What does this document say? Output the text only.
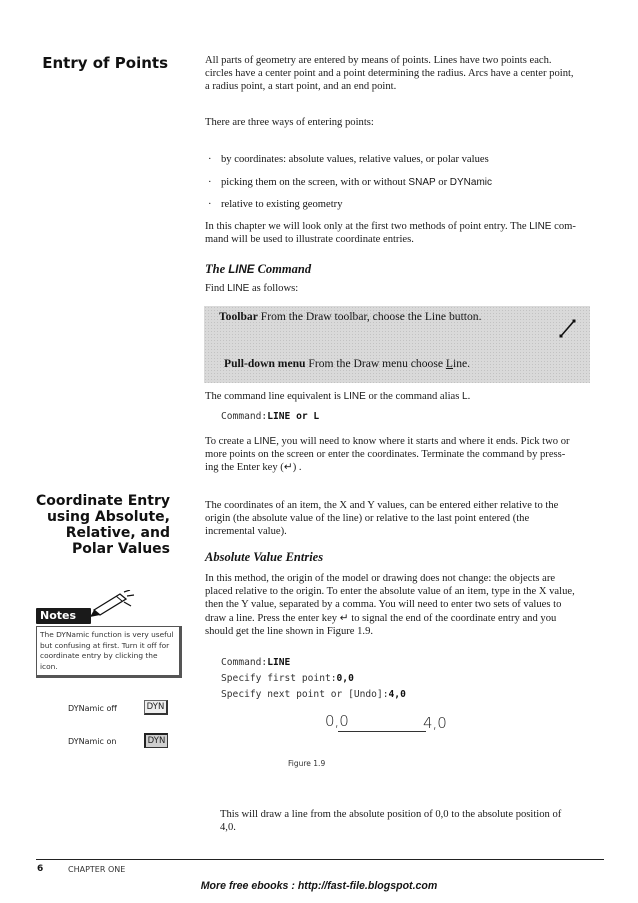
Entry of Points
Coordinate Entry
using Absolute,
Relative, and
Polar Values
All parts of geometry are entered by means of points. Lines have two points each.
circles have a center point and a point determining the radius. Arcs have a center point,
a radius point, a start point, and an end point.
There are three ways of entering points:
· by coordinates: absolute values, relative values, or polar values
· picking them on the screen, with or without SNAP or DYNamic
· relative to existing geometry
In this chapter we will look only at the first two methods of point entry. The LINE com-
mand will be used to illustrate coordinate entries.
The LINE Command
Find LINE as follows:
Toolbar From the Draw toolbar, choose the Line button.
Pull-down menu From the Draw menu choose Line.
The command line equivalent is LINE or the command alias L.
Command:LINE or L
To create a LINE, you will need to know where it starts and where it ends. Pick two or
more points on the screen or enter the coordinates. Terminate the command by press-
ing the Enter key (↵) .
The coordinates of an item, the X and Y values, can be entered either relative to the
origin (the absolute value of the line) or relative to the last point entered (the
incremental value).
Absolute Value Entries
In this method, the origin of the model or drawing does not change: the objects are
placed relative to the origin. To enter the absolute value of an item, type in the X value,
then the Y value, separated by a comma. You will need to enter two sets of values to
draw a line. Press the enter key ↵ to signal the end of the coordinate entry and you
should get the line shown in Figure 1.9.
Command:LINE
Specify first point:0,0
Specify next point or [Undo]:4,0
0,0	4,0
Figure 1.9
This will draw a line from the absolute position of 0,0 to the absolute position of
4,0.
Notes
The DYNamic function is very useful
but confusing at first. Turn it off for
coordinate entry by clicking the icon.
DYNamic off	DYN
DYNamic on	DYN
6	CHAPTER ONE
More free ebooks : http://fast-file.blogspot.com
